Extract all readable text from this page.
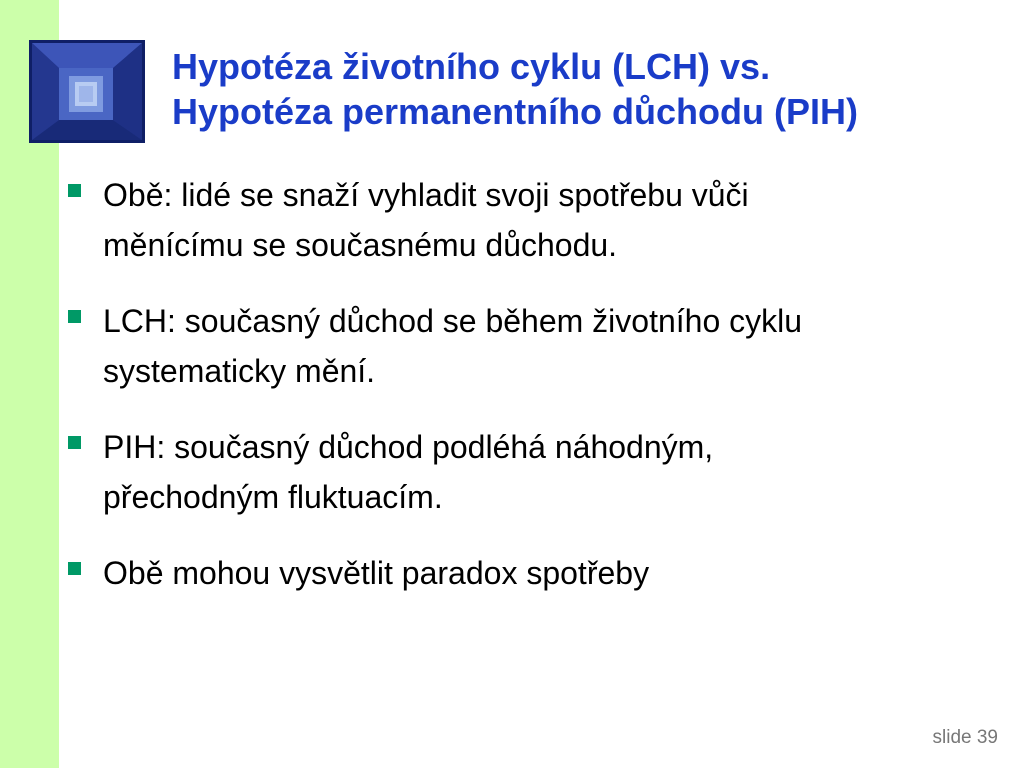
Hypotéza životního cyklu (LCH) vs.
Hypotéza permanentního důchodu (PIH)
Obě: lidé se snaží vyhladit svoji spotřebu vůči
měnícímu se současnému důchodu.
LCH: současný důchod se během životního cyklu
systematicky mění.
PIH: současný důchod podléhá náhodným,
přechodným fluktuacím.
Obě mohou vysvětlit paradox spotřeby
slide 39
